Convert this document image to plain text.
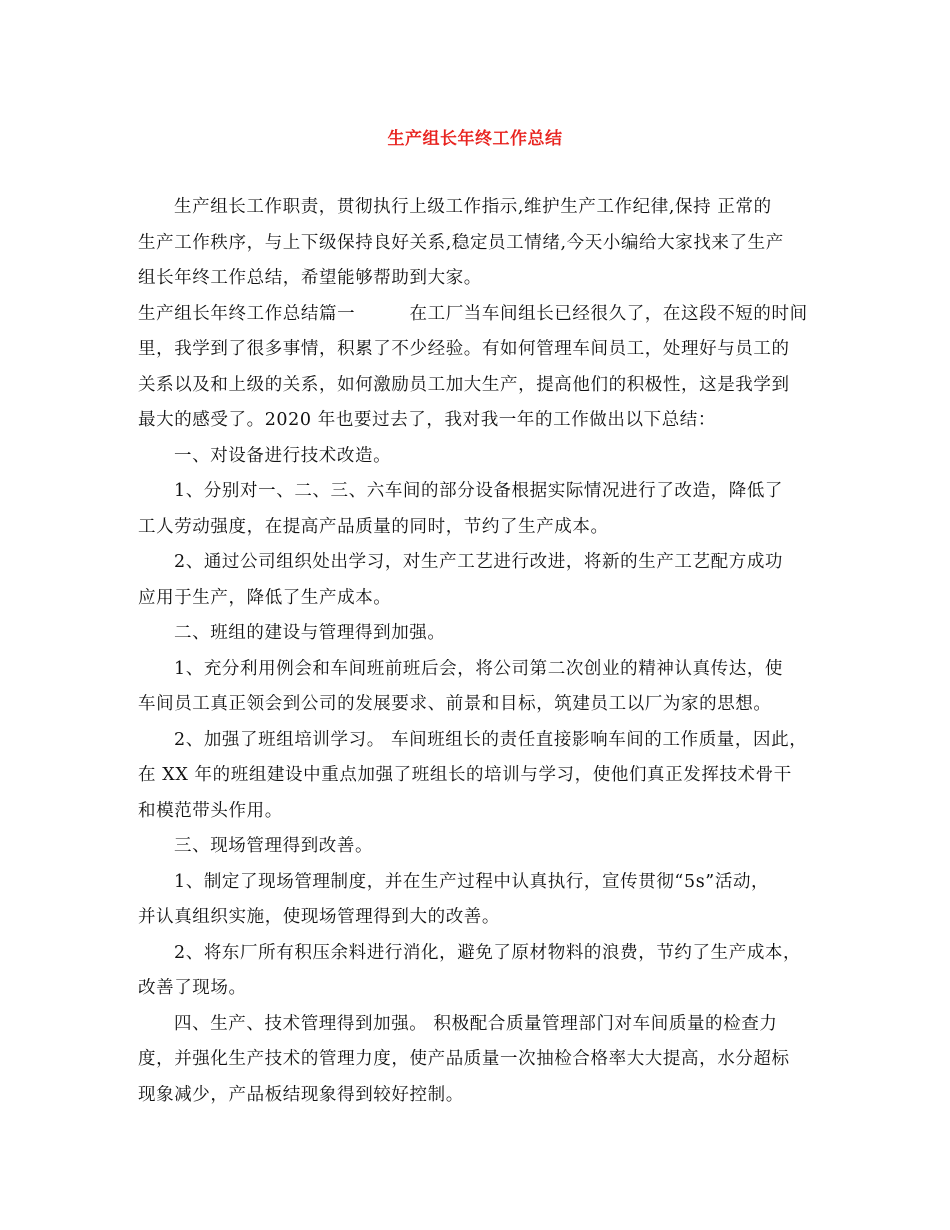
生产组长年终工作总结
生产组长工作职责，贯彻执行上级工作指示,维护生产工作纪律,保持 正常的
生产工作秩序，与上下级保持良好关系,稳定员工情绪,今天小编给大家找来了生产
组长年终工作总结，希望能够帮助到大家。
生产组长年终工作总结篇一　　　在工厂当车间组长已经很久了，在这段不短的时间
里，我学到了很多事情，积累了不少经验。有如何管理车间员工，处理好与员工的
关系以及和上级的关系，如何激励员工加大生产，提高他们的积极性，这是我学到
最大的感受了。2020 年也要过去了，我对我一年的工作做出以下总结：
一、对设备进行技术改造。
1、分别对一、二、三、六车间的部分设备根据实际情况进行了改造，降低了
工人劳动强度，在提高产品质量的同时，节约了生产成本。
2、通过公司组织处出学习，对生产工艺进行改进，将新的生产工艺配方成功
应用于生产，降低了生产成本。
二、班组的建设与管理得到加强。
1、充分利用例会和车间班前班后会，将公司第二次创业的精神认真传达，使
车间员工真正领会到公司的发展要求、前景和目标，筑建员工以厂为家的思想。
2、加强了班组培训学习。 车间班组长的责任直接影响车间的工作质量，因此，
在 XX 年的班组建设中重点加强了班组长的培训与学习，使他们真正发挥技术骨干
和模范带头作用。
三、现场管理得到改善。
1、制定了现场管理制度，并在生产过程中认真执行，宣传贯彻“5s”活动，
并认真组织实施，使现场管理得到大的改善。
2、将东厂所有积压余料进行消化，避免了原材物料的浪费，节约了生产成本，
改善了现场。
四、生产、技术管理得到加强。 积极配合质量管理部门对车间质量的检查力
度，并强化生产技术的管理力度，使产品质量一次抽检合格率大大提高，水分超标
现象减少，产品板结现象得到较好控制。
